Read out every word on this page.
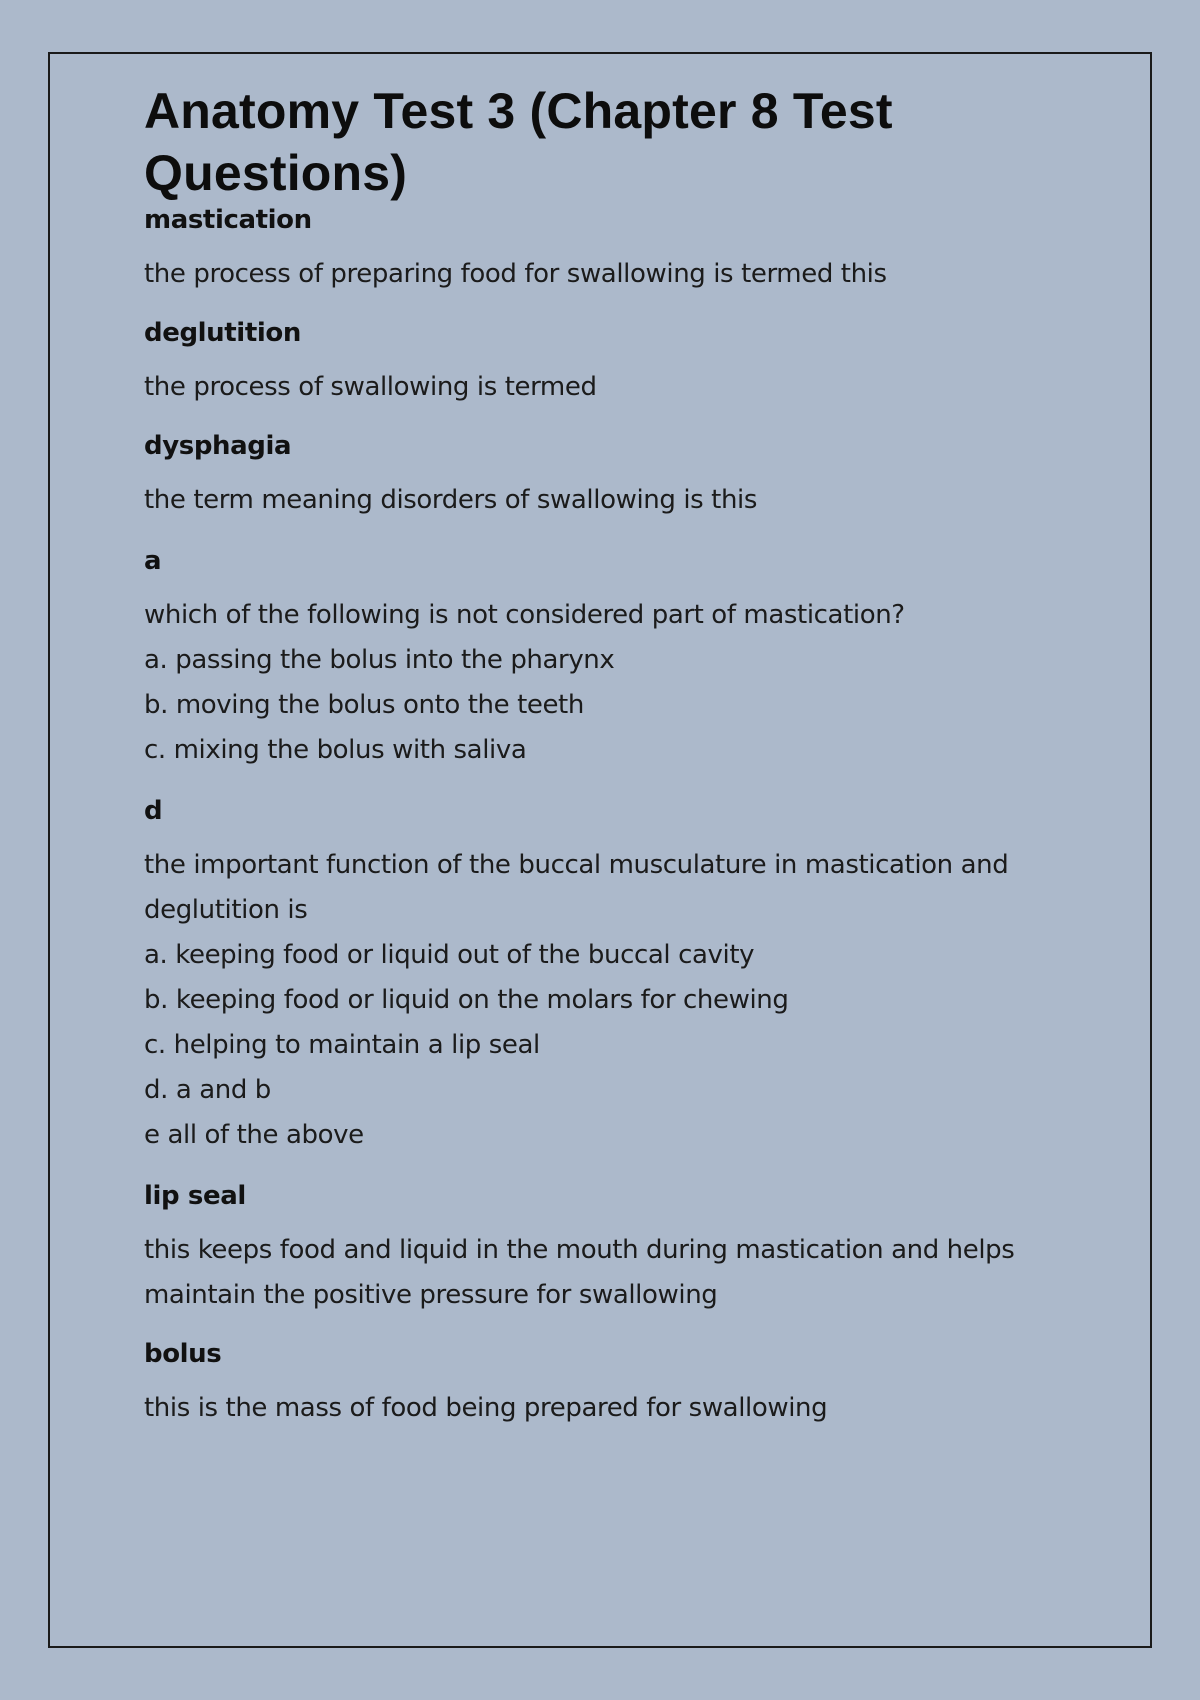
Anatomy Test 3 (Chapter 8 Test Questions)

mastication

the process of preparing food for swallowing is termed this

deglutition

the process of swallowing is termed

dysphagia

the term meaning disorders of swallowing is this

a

which of the following is not considered part of mastication?
a. passing the bolus into the pharynx
b. moving the bolus onto the teeth
c. mixing the bolus with saliva

d

the important function of the buccal musculature in mastication and
deglutition is
a. keeping food or liquid out of the buccal cavity
b. keeping food or liquid on the molars for chewing
c. helping to maintain a lip seal
d. a and b
e all of the above

lip seal

this keeps food and liquid in the mouth during mastication and helps
maintain the positive pressure for swallowing

bolus

this is the mass of food being prepared for swallowing
